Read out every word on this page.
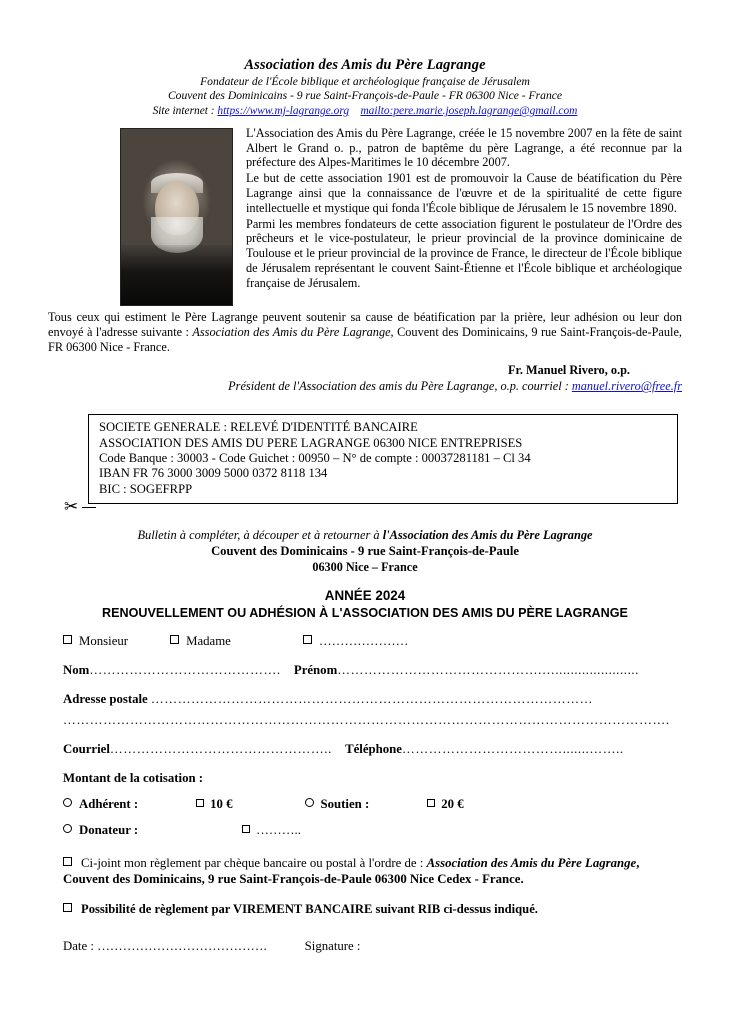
Association des Amis du Père Lagrange
Fondateur de l'École biblique et archéologique française de Jérusalem
Couvent des Dominicains - 9 rue Saint-François-de-Paule - FR 06300 Nice - France
Site internet : https://www.mj-lagrange.org mailto:pere.marie.joseph.lagrange@gmail.com

L'Association des Amis du Père Lagrange, créée le 15 novembre 2007 en la fête de saint Albert le Grand o. p., patron de baptême du père Lagrange, a été reconnue par la préfecture des Alpes-Maritimes le 10 décembre 2007.

Le but de cette association 1901 est de promouvoir la Cause de béatification du Père Lagrange ainsi que la connaissance de l'œuvre et de la spiritualité de cette figure intellectuelle et mystique qui fonda l'École biblique de Jérusalem le 15 novembre 1890.

Parmi les membres fondateurs de cette association figurent le postulateur de l'Ordre des prêcheurs et le vice-postulateur, le prieur provincial de la province dominicaine de Toulouse et le prieur provincial de la province de France, le directeur de l'École biblique de Jérusalem représentant le couvent Saint-Étienne et l'École biblique et archéologique française de Jérusalem.

Tous ceux qui estiment le Père Lagrange peuvent soutenir sa cause de béatification par la prière, leur adhésion ou leur don envoyé à l'adresse suivante : Association des Amis du Père Lagrange, Couvent des Dominicains, 9 rue Saint-François-de-Paule, FR 06300 Nice - France.
Fr. Manuel Rivero, o.p.
Président de l'Association des amis du Père Lagrange, o.p. courriel : manuel.rivero@free.fr
SOCIETE GENERALE : RELEVÉ D'IDENTITÉ BANCAIRE
ASSOCIATION DES AMIS DU PERE LAGRANGE 06300 NICE ENTREPRISES
Code Banque : 30003 - Code Guichet : 00950 – N° de compte : 00037281181 – Cl 34
IBAN FR 76 3000 3009 5000 0372 8118 134
BIC : SOGEFRPP
✂
Bulletin à compléter, à découper et à retourner à l'Association des Amis du Père Lagrange
Couvent des Dominicains - 9 rue Saint-François-de-Paule
06300 Nice – France
ANNÉE 2024
RENOUVELLEMENT OU ADHÉSION À L'ASSOCIATION DES AMIS DU PÈRE LAGRANGE
Monsieur	Madame	…………………
Nom……………………………………. Prénom……………………………………….…......................
Adresse postale ………………………………………………………………………………………
……………………………………………………………………………………………………………………….
Courriel………………………………………….. Téléphone……………………………….......……..
Montant de la cotisation :
Adhérent :	10 €	Soutien :	20 €
Donateur :	………..
Ci-joint mon règlement par chèque bancaire ou postal à l'ordre de : Association des Amis du Père Lagrange, Couvent des Dominicains, 9 rue Saint-François-de-Paule 06300 Nice Cedex - France.
Possibilité de règlement par VIREMENT BANCAIRE suivant RIB ci-dessus indiqué.
Date : ………………………………….	Signature :
